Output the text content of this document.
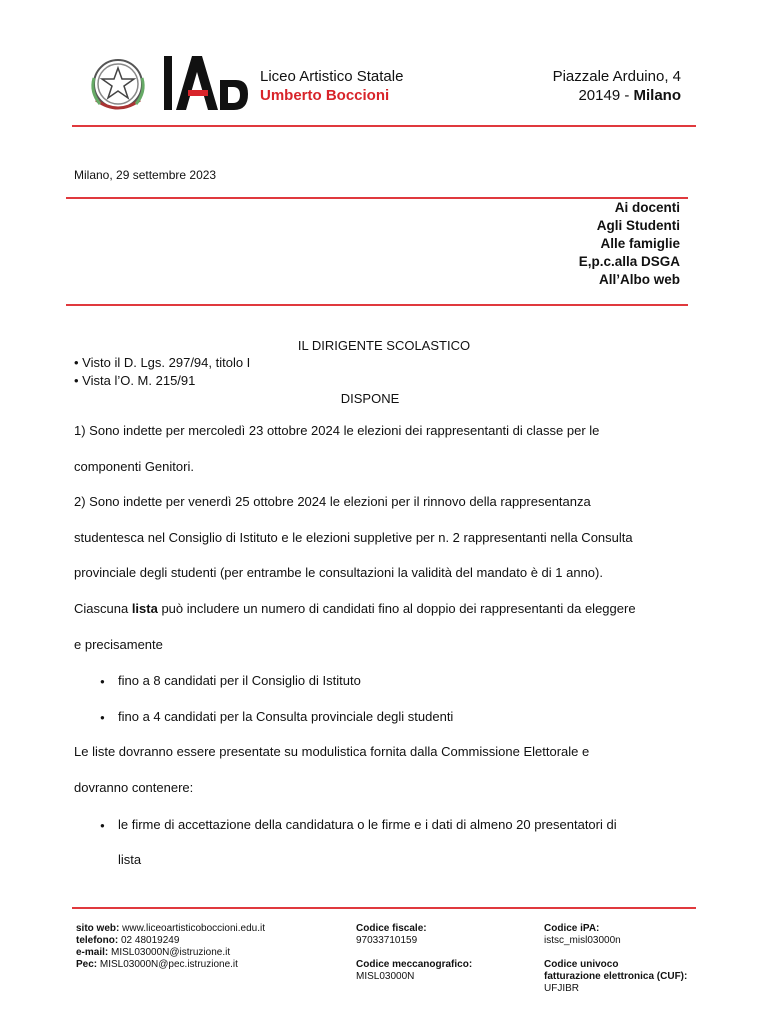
Liceo Artistico Statale
Umberto Boccioni
Piazzale Arduino, 4
20149 - Milano
Milano, 29 settembre 2023
Ai docenti
Agli Studenti
Alle famiglie
E,p.c.alla DSGA
All’Albo web
IL DIRIGENTE SCOLASTICO
• Visto il D. Lgs. 297/94, titolo I
• Vista l’O. M. 215/91
DISPONE
1) Sono indette per mercoledì 23 ottobre 2024 le elezioni dei rappresentanti di classe per le
componenti Genitori.
2) Sono indette per venerdì 25 ottobre 2024 le elezioni per il rinnovo della rappresentanza
studentesca nel Consiglio di Istituto e le elezioni suppletive per n. 2 rappresentanti nella Consulta
provinciale degli studenti (per entrambe le consultazioni la validità del mandato è di 1 anno).
Ciascuna lista può includere un numero di candidati fino al doppio dei rappresentanti da eleggere
e precisamente
● fino a 8 candidati per il Consiglio di Istituto
● fino a 4 candidati per la Consulta provinciale degli studenti
Le liste dovranno essere presentate su modulistica fornita dalla Commissione Elettorale e
dovranno contenere:
● le firme di accettazione della candidatura o le firme e i dati di almeno 20 presentatori di
lista
sito web: www.liceoartisticoboccioni.edu.it
telefono: 02 48019249
e-mail: MISL03000N@istruzione.it
Pec: MISL03000N@pec.istruzione.it
Codice fiscale:
97033710159
Codice meccanografico:
MISL03000N
Codice iPA:
istsc_misl03000n
Codice univoco
fatturazione elettronica (CUF):
UFJIBR
